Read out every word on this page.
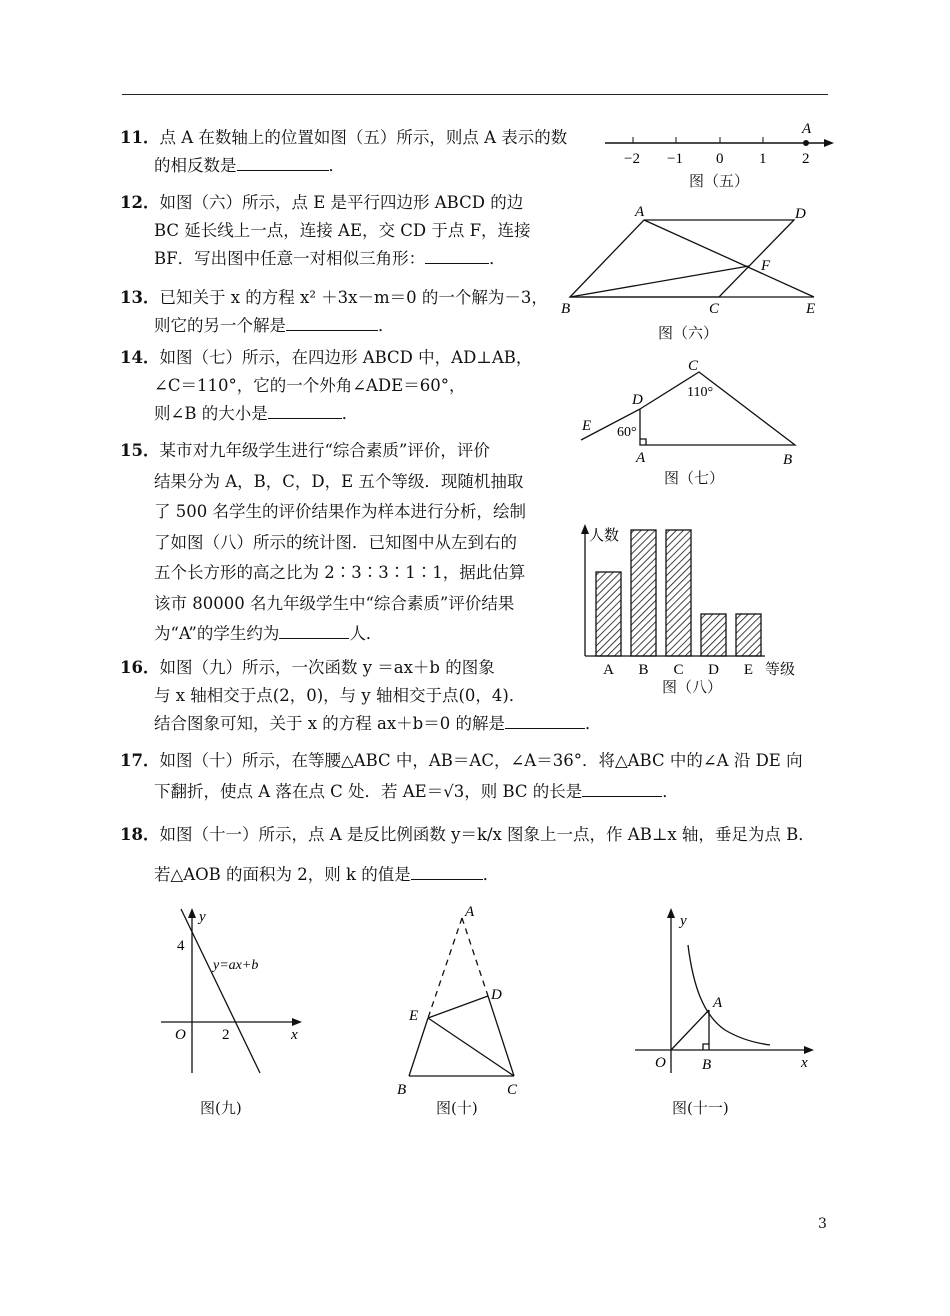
11．点 A 在数轴上的位置如图（五）所示，则点 A 表示的数
的相反数是	．
12．如图（六）所示，点 E 是平行四边形 ABCD 的边
BC 延长线上一点，连接 AE，交 CD 于点 F，连接
BF．写出图中任意一对相似三角形：	．
13．已知关于 x 的方程 x² ＋3x－m＝0 的一个解为－3，
则它的另一个解是	．
14．如图（七）所示，在四边形 ABCD 中，AD⊥AB，
∠C＝110°，它的一个外角∠ADE＝60°，
则∠B 的大小是	．
15．某市对九年级学生进行“综合素质”评价，评价
结果分为 A，B，C，D，E 五个等级．现随机抽取
了 500 名学生的评价结果作为样本进行分析，绘制
了如图（八）所示的统计图．已知图中从左到右的
五个长方形的高之比为 2∶3∶3∶1∶1，据此估算
该市 80000 名九年级学生中“综合素质”评价结果
为“A”的学生约为	人．
16．如图（九）所示，一次函数 y ＝ax＋b 的图象
与 x 轴相交于点(2，0)，与 y 轴相交于点(0，4)．
结合图象可知，关于 x 的方程 ax＋b＝0 的解是	．
17．如图（十）所示，在等腰△ABC 中，AB＝AC，∠A＝36°．将△ABC 中的∠A 沿 DE 向
下翻折，使点 A 落在点 C 处．若 AE＝√3，则 BC 的长是	．
18．如图（十一）所示，点 A 是反比例函数 y＝k/x 图象上一点，作 AB⊥x 轴，垂足为点 B．
若△AOB 的面积为 2，则 k 的值是	．
−2 −1 0 1 2
A
图（五）
A	D
B	C	E
F
图（六）
E
D
C
A	B
110°
60°
图（七）
人数
等级
A B C D E
图（八）
y
x
O
4
2
y=ax+b
图(九)
A
D
E
B	C
图(十)
y
x
O
A
B
图(十一)
3
